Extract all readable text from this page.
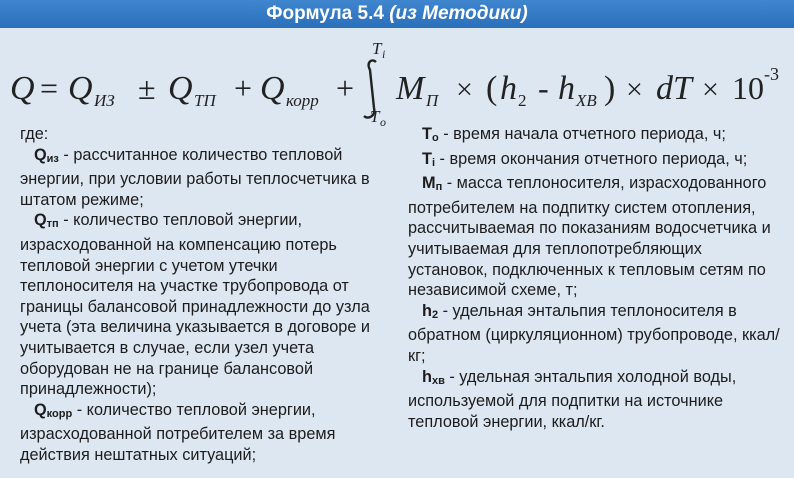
Формула 5.4 (из Методики)
Q = Q ИЗ ± Q ТП + Q корр +
T i
T o
M П × ( h 2 - h ХВ ) × dT × 10 -3

где:

$Q_{из}$ - рассчитанное количество тепловой энергии, при условии работы теплосчетчика в штатом режиме;

$Q_{тп}$ - количество тепловой энергии, израсходованной на компенсацию потерь тепловой энергии с учетом утечки теплоносителя на участке трубопровода от границы балансовой принадлежности до узла учета (эта величина указывается в договоре и учитывается в случае, если узел учета оборудован не на границе балансовой принадлежности);

$Q_{корр}$ - количество тепловой энергии, израсходованной потребителем за время действия нештатных ситуаций;

$T_о$ - время начала отчетного периода, ч;

$T_i$ - время окончания отчетного периода, ч;

$M_п$ - масса теплоносителя, израсходованного потребителем на подпитку систем отопления, рассчитываемая по показаниям водосчетчика и учитываемая для теплопотребляющих установок, подключенных к тепловым сетям по независимой схеме, т;

$h_2$ - удельная энтальпия теплоносителя в обратном (циркуляционном) трубопроводе, ккал/кг;

$h_{хв}$ - удельная энтальпия холодной воды, используемой для подпитки на источнике тепловой энергии, ккал/кг.
